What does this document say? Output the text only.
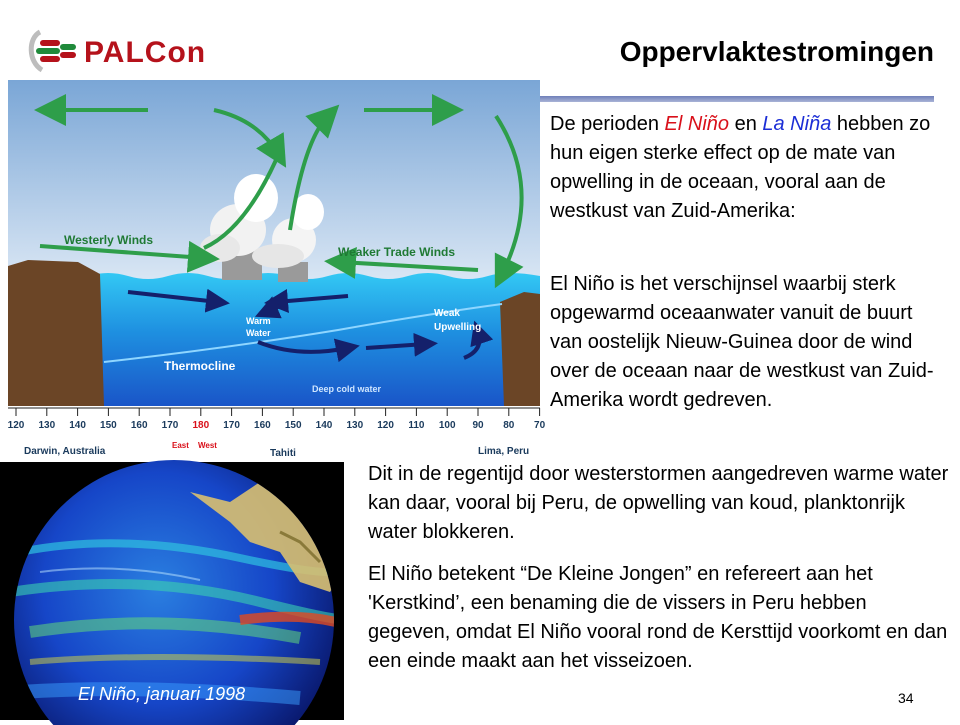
PALCon	Oppervlaktestromingen
Westerly Winds
Weaker Trade Winds
Warm
Water
Weak
Upwelling
Thermocline
Deep cold water
120 130 140 150 160 170 180 170 160 150 140 130 120 110 100 90 80 70
Darwin, Australia	Tahiti	Lima, Peru
East West
De perioden El Niño en La Niña hebben zo hun eigen sterke effect op de mate van opwelling in de oceaan, vooral aan de westkust van Zuid-Amerika:
El Niño is het verschijnsel waarbij sterk opgewarmd oceaanwater vanuit de buurt van oostelijk Nieuw-Guinea door de wind over de oceaan naar de westkust van Zuid-Amerika wordt gedreven.
Dit in de regentijd door westerstormen aangedreven warme water kan daar, vooral bij Peru, de opwelling van koud, planktonrijk water blokkeren.
El Niño betekent “De Kleine Jongen” en refereert aan het 'Kerstkind’, een benaming die de vissers in Peru hebben gegeven, omdat El Niño vooral rond de Kersttijd voorkomt en dan een einde maakt aan het visseizoen.
El Niño, januari 1998	34
